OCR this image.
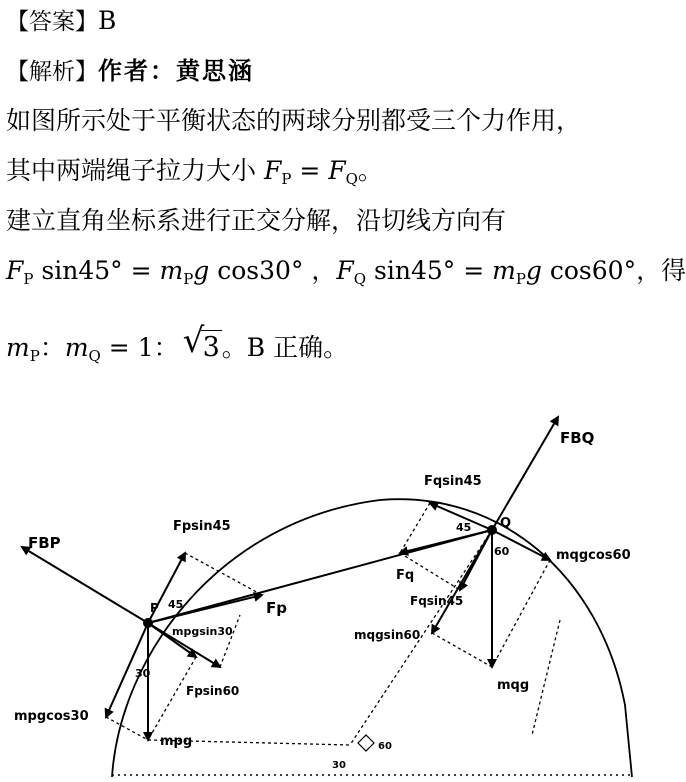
【答案】B
【解析】作者：黄思涵
如图所示处于平衡状态的两球分别都受三个力作用，
其中两端绳子拉力大小 $F_P = F_Q$。
建立直角坐标系进行正交分解，沿切线方向有
$F_P$ $\sin 45^\circ = m_Pg$ cos30° ，$F_Q$ $\sin 45^\circ = m_Pg$ cos60°，得
$m_P$：$m_Q = 1$： √
3。B 正确。
FBP
Fpsin45
P 45	Fp
mpgsin30
30
Fpsin60
mpgcos30
mpg
FBQ
Fqsin45
Q
45
60	mqgcos60
Fq
Fqsin45
mqgsin60
mqg
30
60
